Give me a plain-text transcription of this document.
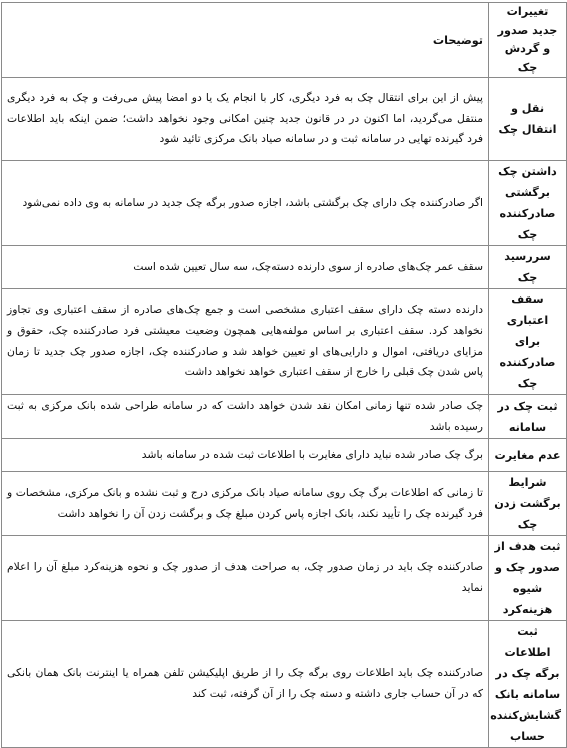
تغییرات جدید صدور و گردش چک	توضیحات
نقل و انتقال چک	پیش از این برای انتقال چک به فرد دیگری، کار با انجام یک یا دو امضا پیش می‌رفت و چک به فرد دیگری منتقل می‌گردید، اما اکنون در در قانون جدید چنین امکانی وجود نخواهد داشت؛ ضمن اینکه باید اطلاعات فرد گیرنده تهایی در سامانه ثبت و در سامانه صیاد بانک مرکزی تائید شود
داشتن چک برگشتی صادرکننده چک	اگر صادرکننده چک دارای چک برگشتی باشد، اجازه صدور برگه چک جدید در سامانه به وی داده نمی‌شود
سررسید چک	سقف عمر چک‌های صادره از سوی دارنده دسته‌چک، سه سال تعیین شده است
سقف اعتباری برای صادرکننده چک	دارنده دسته چک دارای سقف اعتباری مشخصی است و جمع چک‌های صادره از سقف اعتباری وی تجاوز نخواهد کرد. سقف اعتباری بر اساس مولفه‌هایی همچون وضعیت معیشتی فرد صادرکننده چک، حقوق و مزایای دریافتی، اموال و دارایی‌های او تعیین خواهد شد و صادرکننده چک، اجازه صدور چک جدید تا زمان پاس شدن چک قبلی را خارج از سقف اعتباری خواهد نخواهد داشت
ثبت چک در سامانه	چک صادر شده تنها زمانی امکان نقد شدن خواهد داشت که در سامانه طراحی شده بانک مرکزی به ثبت رسیده باشد
عدم مغایرت	برگ چک صادر شده نباید دارای مغایرت با اطلاعات ثبت شده در سامانه باشد
شرایط برگشت زدن چک	تا زمانی که اطلاعات برگ چک روی سامانه صیاد بانک مرکزی درج و ثبت نشده و بانک مرکزی، مشخصات و فرد گیرنده چک را تأیید نکند، بانک اجازه پاس کردن مبلغ چک و برگشت زدن آن را نخواهد داشت
ثبت هدف از صدور چک و شیوه هزینه‌کرد	صادرکننده چک باید در زمان صدور چک، به صراحت هدف از صدور چک و نحوه هزینه‌کرد مبلغ آن را اعلام نماید
ثبت اطلاعات برگه چک در سامانه بانک گشایش‌کننده حساب	صادرکننده چک باید اطلاعات روی برگه چک را از طریق اپلیکیشن تلفن همراه یا اینترنت بانک همان بانکی که در آن حساب جاری داشته و دسته چک را از آن گرفته، ثبت کند
